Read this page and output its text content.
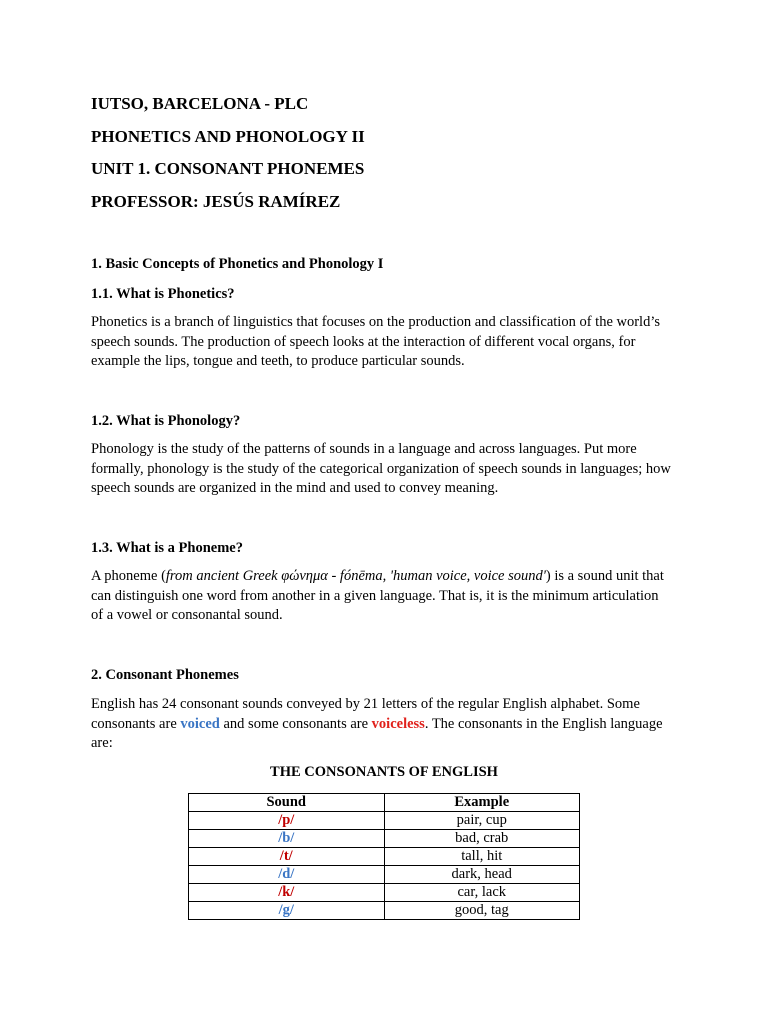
IUTSO, BARCELONA - PLC
PHONETICS AND PHONOLOGY II
UNIT 1. CONSONANT PHONEMES
PROFESSOR: JESÚS RAMÍREZ
1. Basic Concepts of Phonetics and Phonology I
1.1. What is Phonetics?
Phonetics is a branch of linguistics that focuses on the production and classification of the world’s speech sounds. The production of speech looks at the interaction of different vocal organs, for example the lips, tongue and teeth, to produce particular sounds.
1.2. What is Phonology?
Phonology is the study of the patterns of sounds in a language and across languages. Put more formally, phonology is the study of the categorical organization of speech sounds in languages; how speech sounds are organized in the mind and used to convey meaning.
1.3. What is a Phoneme?
A phoneme (from ancient Greek φώνημα - fónēma, 'human voice, voice sound') is a sound unit that can distinguish one word from another in a given language. That is, it is the minimum articulation of a vowel or consonantal sound.
2. Consonant Phonemes
English has 24 consonant sounds conveyed by 21 letters of the regular English alphabet. Some consonants are voiced and some consonants are voiceless. The consonants in the English language are:
THE CONSONANTS OF ENGLISH
Sound	Example
/p/	pair, cup
/b/	bad, crab
/t/	tall, hit
/d/	dark, head
/k/	car, lack
/g/	good, tag
